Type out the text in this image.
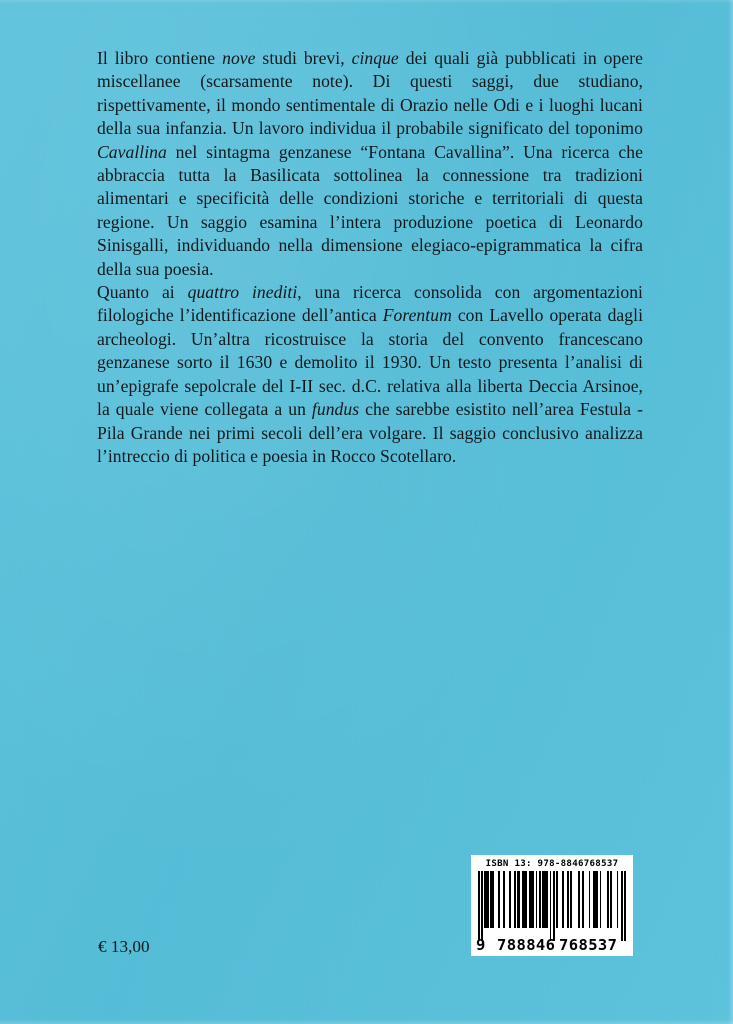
Il libro contiene nove studi brevi, cinque dei quali già pubblicati in opere miscellanee (scarsamente note). Di questi saggi, due studiano, rispettivamente, il mondo sentimentale di Orazio nelle Odi e i luoghi lucani della sua infanzia. Un lavoro individua il probabile significato del toponimo Cavallina nel sintagma genzanese “Fontana Cavallina”. Una ricerca che abbraccia tutta la Basilicata sottolinea la connessione tra tradizioni alimentari e specificità delle condizioni storiche e territoriali di questa regione. Un saggio esamina l’intera produzione poetica di Leonardo Sinisgalli, individuando nella dimensione elegiaco-epigrammatica la cifra della sua poesia.

Quanto ai quattro inediti, una ricerca consolida con argomentazioni filologiche l’identificazione dell’antica Forentum con Lavello operata dagli archeologi. Un’altra ricostruisce la storia del convento francescano genzanese sorto il 1630 e demolito il 1930. Un testo presenta l’analisi di un’epigrafe sepolcrale del I-II sec. d.C. relativa alla liberta Deccia Arsinoe, la quale viene collegata a un fundus che sarebbe esistito nell’area Festula - Pila Grande nei primi secoli dell’era volgare. Il saggio conclusivo analizza l’intreccio di politica e poesia in Rocco Scotellaro.

€ 13,00
ISBN 13: 978-8846768537
9 788846 768537
